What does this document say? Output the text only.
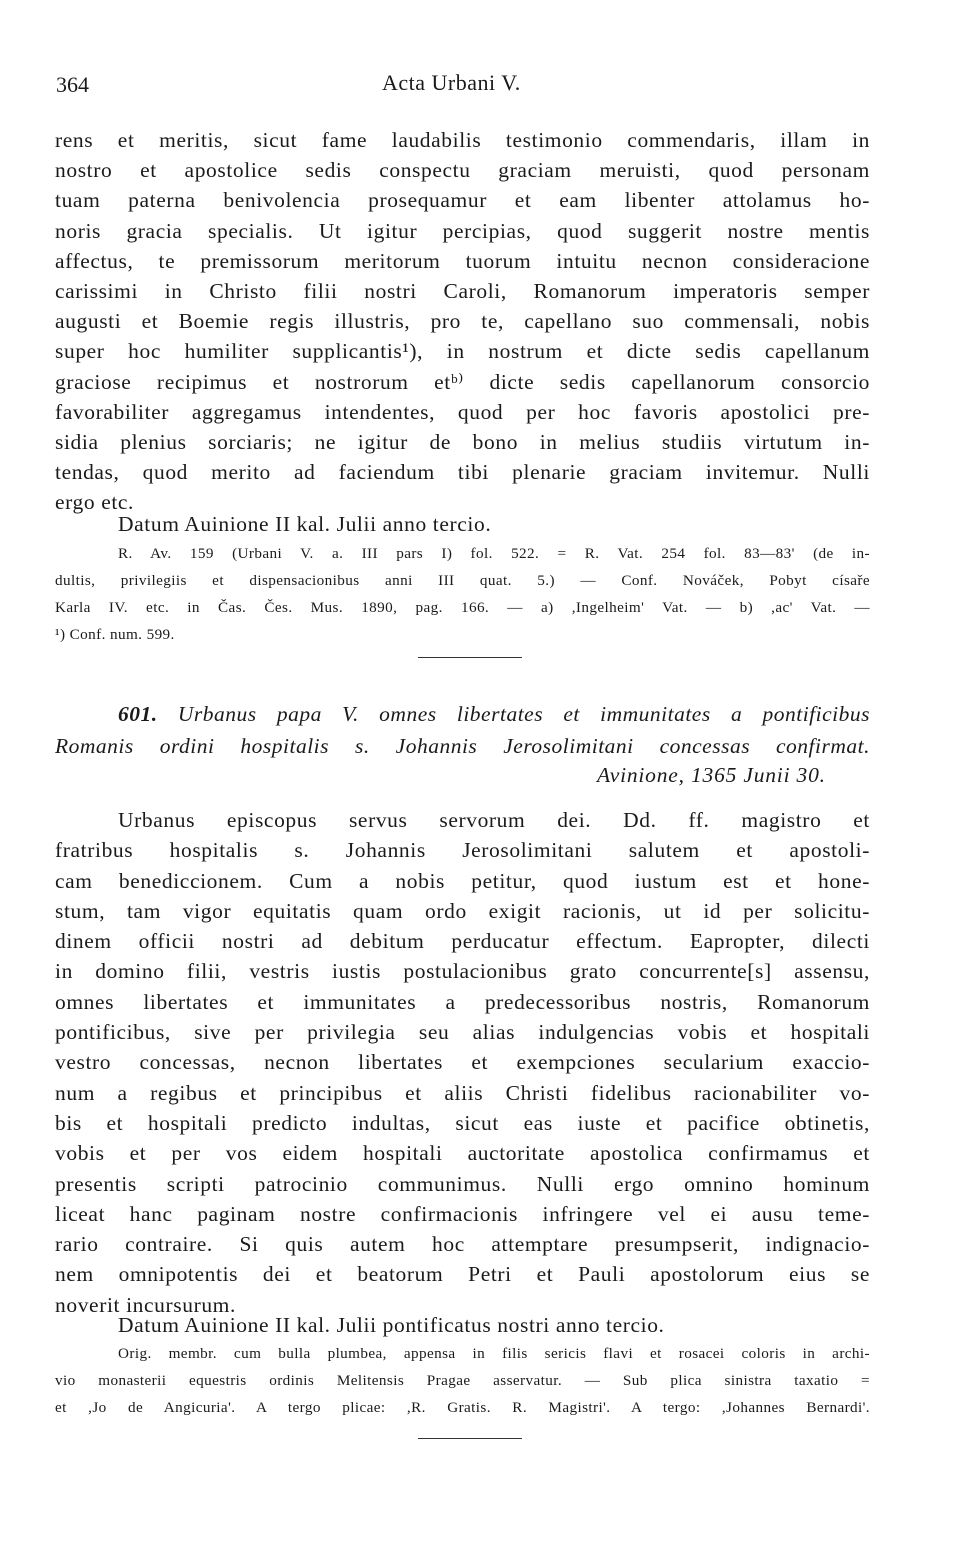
364	Acta Urbani V.
rens et meritis, sicut fame laudabilis testimonio commendaris, illam in
nostro et apostolice sedis conspectu graciam meruisti, quod personam
tuam paterna benivolencia prosequamur et eam libenter attolamus ho-
noris gracia specialis. Ut igitur percipias, quod suggerit nostre mentis
affectus, te premissorum meritorum tuorum intuitu necnon consideracione
carissimi in Christo filii nostri Caroli, Romanorum imperatoris semper
augusti et Boemie regis illustris, pro te, capellano suo commensali, nobis
super hoc humiliter supplicantis¹), in nostrum et dicte sedis capellanum
graciose recipimus et nostrorum etᵇ⁾ dicte sedis capellanorum consorcio
favorabiliter aggregamus intendentes, quod per hoc favoris apostolici pre-
sidia plenius sorciaris; ne igitur de bono in melius studiis virtutum in-
tendas, quod merito ad faciendum tibi plenarie graciam invitemur. Nulli
ergo etc.
Datum Auinione II kal. Julii anno tercio.
R. Av. 159 (Urbani V. a. III pars I) fol. 522. = R. Vat. 254 fol. 83—83' (de in-
dultis, privilegiis et dispensacionibus anni III quat. 5.) — Conf. Nováček, Pobyt císaře
Karla IV. etc. in Čas. Čes. Mus. 1890, pag. 166. — a) ,Ingelheim' Vat. — b) ,ac' Vat. —
¹) Conf. num. 599.
601. Urbanus papa V. omnes libertates et immunitates a pontificibus
Romanis ordini hospitalis s. Johannis Jerosolimitani concessas confirmat.
Avinione, 1365 Junii 30.
Urbanus episcopus servus servorum dei. Dd. ff. magistro et
fratribus hospitalis s. Johannis Jerosolimitani salutem et apostoli-
cam benediccionem. Cum a nobis petitur, quod iustum est et hone-
stum, tam vigor equitatis quam ordo exigit racionis, ut id per solicitu-
dinem officii nostri ad debitum perducatur effectum. Eapropter, dilecti
in domino filii, vestris iustis postulacionibus grato concurrente[s] assensu,
omnes libertates et immunitates a predecessoribus nostris, Romanorum
pontificibus, sive per privilegia seu alias indulgencias vobis et hospitali
vestro concessas, necnon libertates et exempciones secularium exaccio-
num a regibus et principibus et aliis Christi fidelibus racionabiliter vo-
bis et hospitali predicto indultas, sicut eas iuste et pacifice obtinetis,
vobis et per vos eidem hospitali auctoritate apostolica confirmamus et
presentis scripti patrocinio communimus. Nulli ergo omnino hominum
liceat hanc paginam nostre confirmacionis infringere vel ei ausu teme-
rario contraire. Si quis autem hoc attemptare presumpserit, indignacio-
nem omnipotentis dei et beatorum Petri et Pauli apostolorum eius se
noverit incursurum.
Datum Auinione II kal. Julii pontificatus nostri anno tercio.
Orig. membr. cum bulla plumbea, appensa in filis sericis flavi et rosacei coloris in archi-
vio monasterii equestris ordinis Melitensis Pragae asservatur. — Sub plica sinistra taxatio =
et ,Jo de Angicuria'. A tergo plicae: ,R. Gratis. R. Magistri'. A tergo: ,Johannes Bernardi'.
